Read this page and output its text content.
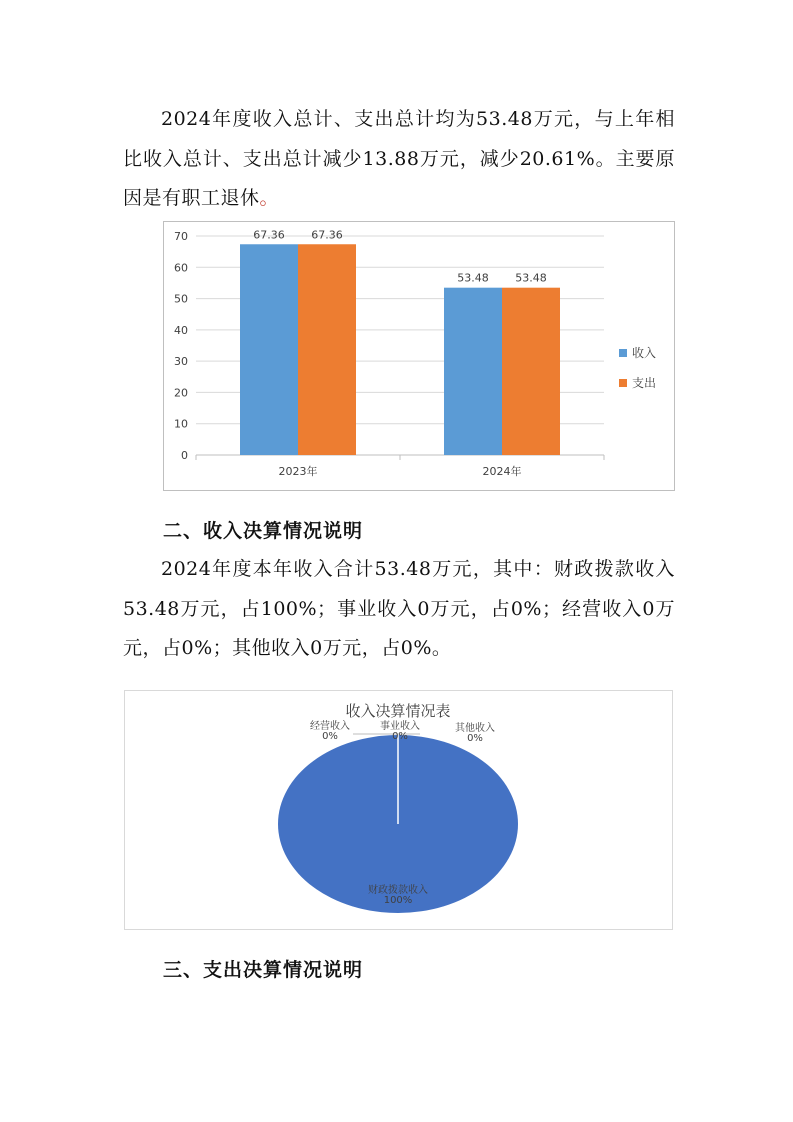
2024年度收入总计、支出总计均为53.48万元，与上年相比收入总计、支出总计减少13.88万元，减少20.61%。主要原因是有职工退休。

0
10
20
30
40
50
60
70
2023年
67.36 67.36
2024年
53.48 53.48
收入
支出

二、收入决算情况说明

2024年度本年收入合计53.48万元，其中：财政拨款收入53.48万元，占100%；事业收入0万元，占0%；经营收入0万元，占0%；其他收入0万元，占0%。

收入决算情况表
财政拨款收入
100%
经营收入
0%
事业收入
0%
其他收入
0%

三、支出决算情况说明
